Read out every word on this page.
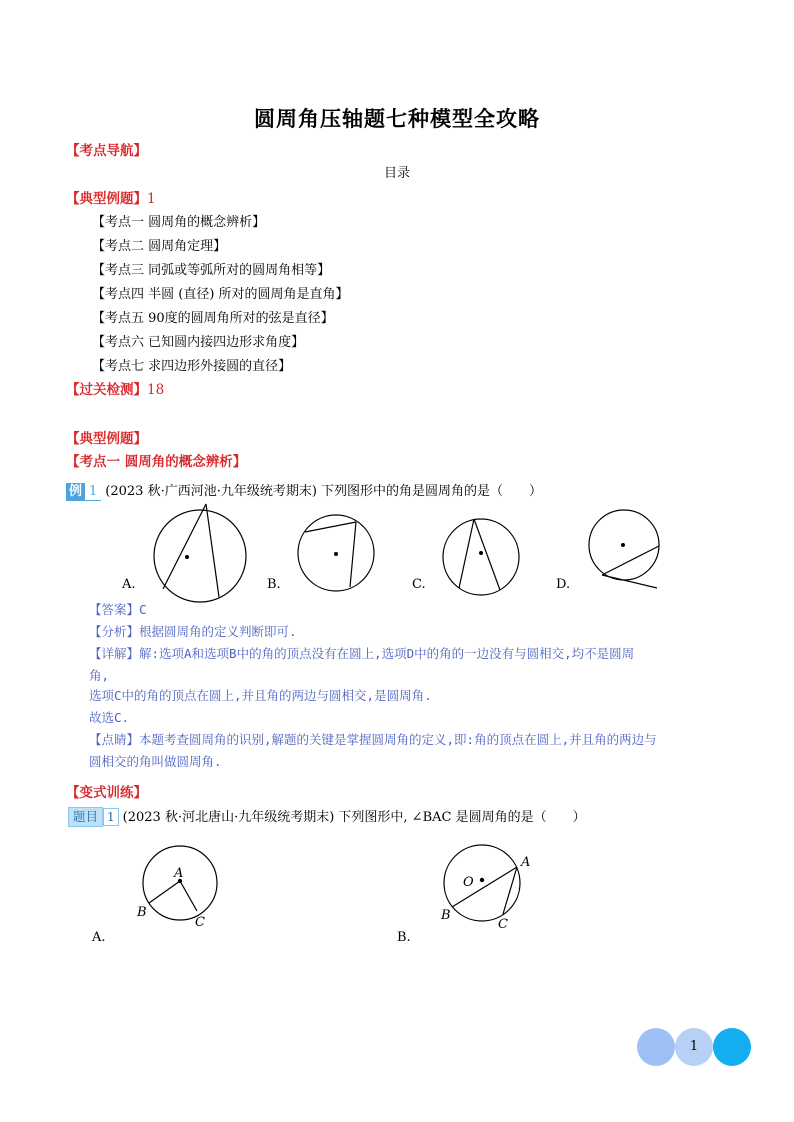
圆周角压轴题七种模型全攻略
【考点导航】
目录
【典型例题】1
【考点一 圆周角的概念辨析】
【考点二 圆周角定理】
【考点三 同弧或等弧所对的圆周角相等】
【考点四 半圆 (直径) 所对的圆周角是直角】
【考点五 90度的圆周角所对的弦是直径】
【考点六 已知圆内接四边形求角度】
【考点七 求四边形外接圆的直径】
【过关检测】18
【典型例题】
【考点一 圆周角的概念辨析】
例 1 (2023 秋·广西河池·九年级统考期末) 下列图形中的角是圆周角的是（　　）
A.	B.	C.	D.
【答案】C
【分析】根据圆周角的定义判断即可.
【详解】解:选项A和选项B中的角的顶点没有在圆上,选项D中的角的一边没有与圆相交,均不是圆周
角,
选项C中的角的顶点在圆上,并且角的两边与圆相交,是圆周角.
故选C.
【点睛】本题考查圆周角的识别,解题的关键是掌握圆周角的定义,即:角的顶点在圆上,并且角的两边与
圆相交的角叫做圆周角.
【变式训练】
题目 1 (2023 秋·河北唐山·九年级统考期末) 下列图形中, ∠BAC 是圆周角的是（　　）
A
B
C
A
O
B
C
A.	B.
1
